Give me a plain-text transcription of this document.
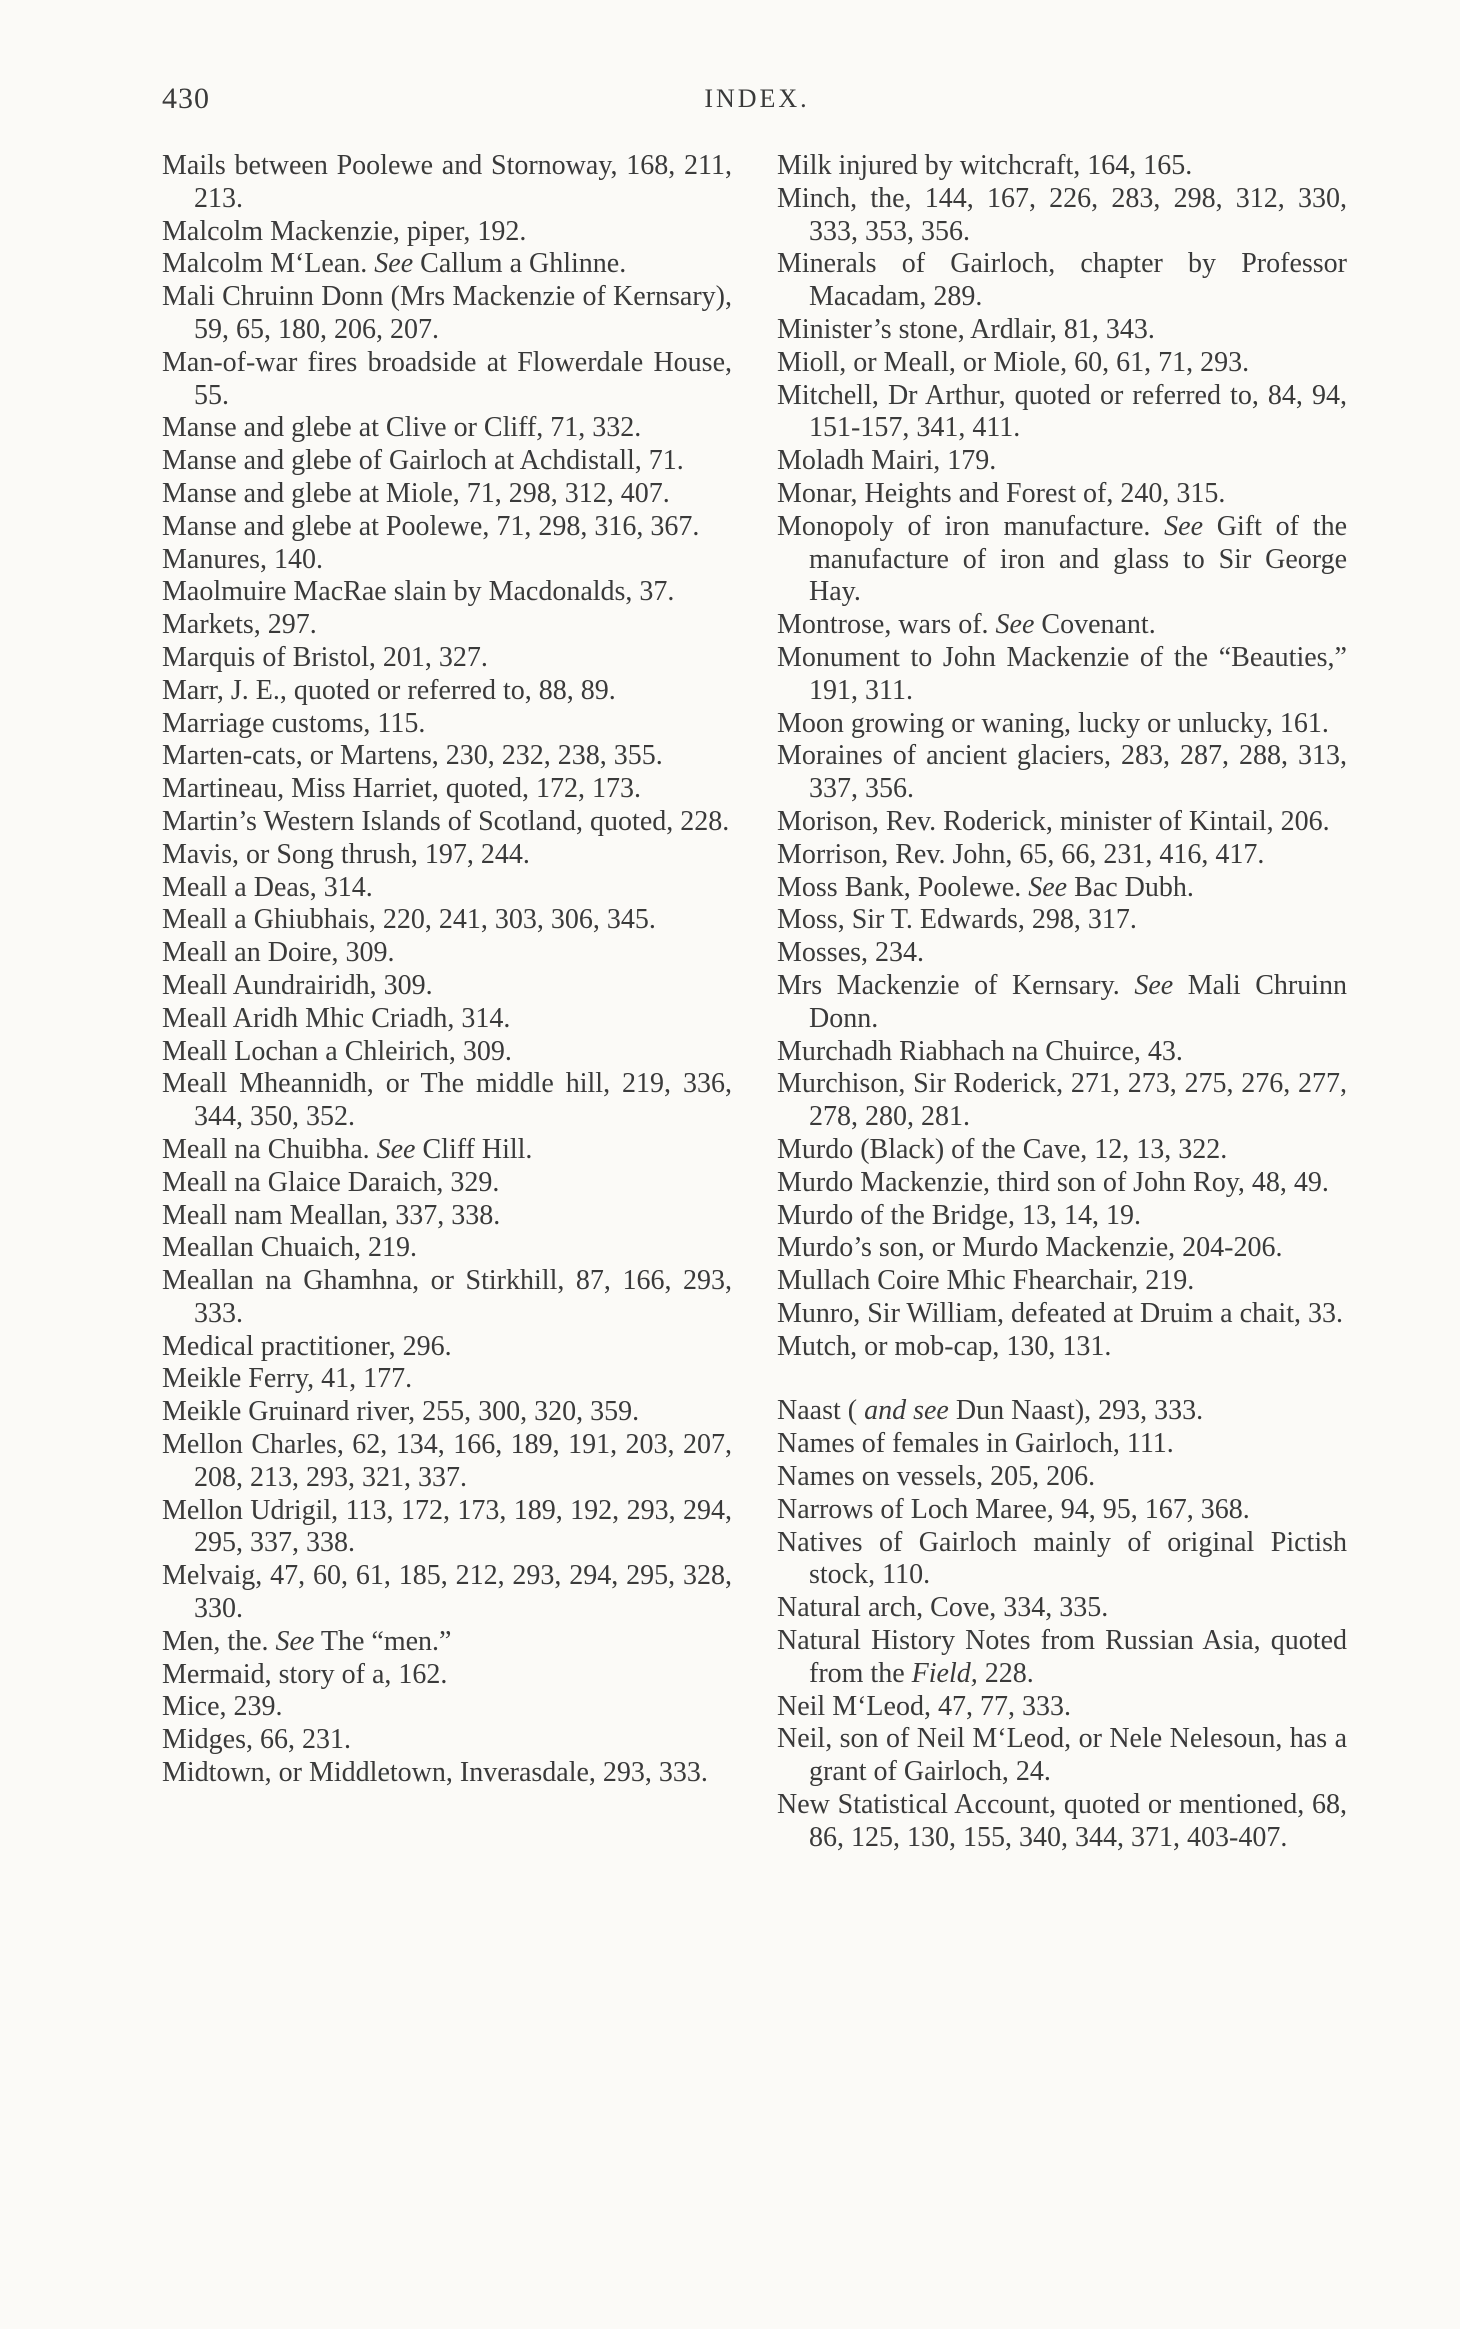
430	INDEX.

Mails between Poolewe and Stornoway, 168, 211, 213.

Malcolm Mackenzie, piper, 192.

Malcolm M‘Lean. See Callum a Ghlinne.

Mali Chruinn Donn (Mrs Mackenzie of Kernsary), 59, 65, 180, 206, 207.

Man-of-war fires broadside at Flowerdale House, 55.

Manse and glebe at Clive or Cliff, 71, 332.

Manse and glebe of Gairloch at Achdistall, 71.

Manse and glebe at Miole, 71, 298, 312, 407.

Manse and glebe at Poolewe, 71, 298, 316, 367.

Manures, 140.

Maolmuire MacRae slain by Macdonalds, 37.

Markets, 297.

Marquis of Bristol, 201, 327.

Marr, J. E., quoted or referred to, 88, 89.

Marriage customs, 115.

Marten-cats, or Martens, 230, 232, 238, 355.

Martineau, Miss Harriet, quoted, 172, 173.

Martin’s Western Islands of Scotland, quoted, 228.

Mavis, or Song thrush, 197, 244.

Meall a Deas, 314.

Meall a Ghiubhais, 220, 241, 303, 306, 345.

Meall an Doire, 309.

Meall Aundrairidh, 309.

Meall Aridh Mhic Criadh, 314.

Meall Lochan a Chleirich, 309.

Meall Mheannidh, or The middle hill, 219, 336, 344, 350, 352.

Meall na Chuibha. See Cliff Hill.

Meall na Glaice Daraich, 329.

Meall nam Meallan, 337, 338.

Meallan Chuaich, 219.

Meallan na Ghamhna, or Stirkhill, 87, 166, 293, 333.

Medical practitioner, 296.

Meikle Ferry, 41, 177.

Meikle Gruinard river, 255, 300, 320, 359.

Mellon Charles, 62, 134, 166, 189, 191, 203, 207, 208, 213, 293, 321, 337.

Mellon Udrigil, 113, 172, 173, 189, 192, 293, 294, 295, 337, 338.

Melvaig, 47, 60, 61, 185, 212, 293, 294, 295, 328, 330.

Men, the. See The “men.”

Mermaid, story of a, 162.

Mice, 239.

Midges, 66, 231.

Midtown, or Middletown, Inverasdale, 293, 333.

Milk injured by witchcraft, 164, 165.

Minch, the, 144, 167, 226, 283, 298, 312, 330, 333, 353, 356.

Minerals of Gairloch, chapter by Professor Macadam, 289.

Minister’s stone, Ardlair, 81, 343.

Mioll, or Meall, or Miole, 60, 61, 71, 293.

Mitchell, Dr Arthur, quoted or referred to, 84, 94, 151-157, 341, 411.

Moladh Mairi, 179.

Monar, Heights and Forest of, 240, 315.

Monopoly of iron manufacture. See Gift of the manufacture of iron and glass to Sir George Hay.

Montrose, wars of. See Covenant.

Monument to John Mackenzie of the “Beauties,” 191, 311.

Moon growing or waning, lucky or unlucky, 161.

Moraines of ancient glaciers, 283, 287, 288, 313, 337, 356.

Morison, Rev. Roderick, minister of Kintail, 206.

Morrison, Rev. John, 65, 66, 231, 416, 417.

Moss Bank, Poolewe. See Bac Dubh.

Moss, Sir T. Edwards, 298, 317.

Mosses, 234.

Mrs Mackenzie of Kernsary. See Mali Chruinn Donn.

Murchadh Riabhach na Chuirce, 43.

Murchison, Sir Roderick, 271, 273, 275, 276, 277, 278, 280, 281.

Murdo (Black) of the Cave, 12, 13, 322.

Murdo Mackenzie, third son of John Roy, 48, 49.

Murdo of the Bridge, 13, 14, 19.

Murdo’s son, or Murdo Mackenzie, 204-206.

Mullach Coire Mhic Fhearchair, 219.

Munro, Sir William, defeated at Druim a chait, 33.

Mutch, or mob-cap, 130, 131.

Naast ( and see Dun Naast), 293, 333.

Names of females in Gairloch, 111.

Names on vessels, 205, 206.

Narrows of Loch Maree, 94, 95, 167, 368.

Natives of Gairloch mainly of original Pictish stock, 110.

Natural arch, Cove, 334, 335.

Natural History Notes from Russian Asia, quoted from the Field, 228.

Neil M‘Leod, 47, 77, 333.

Neil, son of Neil M‘Leod, or Nele Nelesoun, has a grant of Gairloch, 24.

New Statistical Account, quoted or mentioned, 68, 86, 125, 130, 155, 340, 344, 371, 403-407.
